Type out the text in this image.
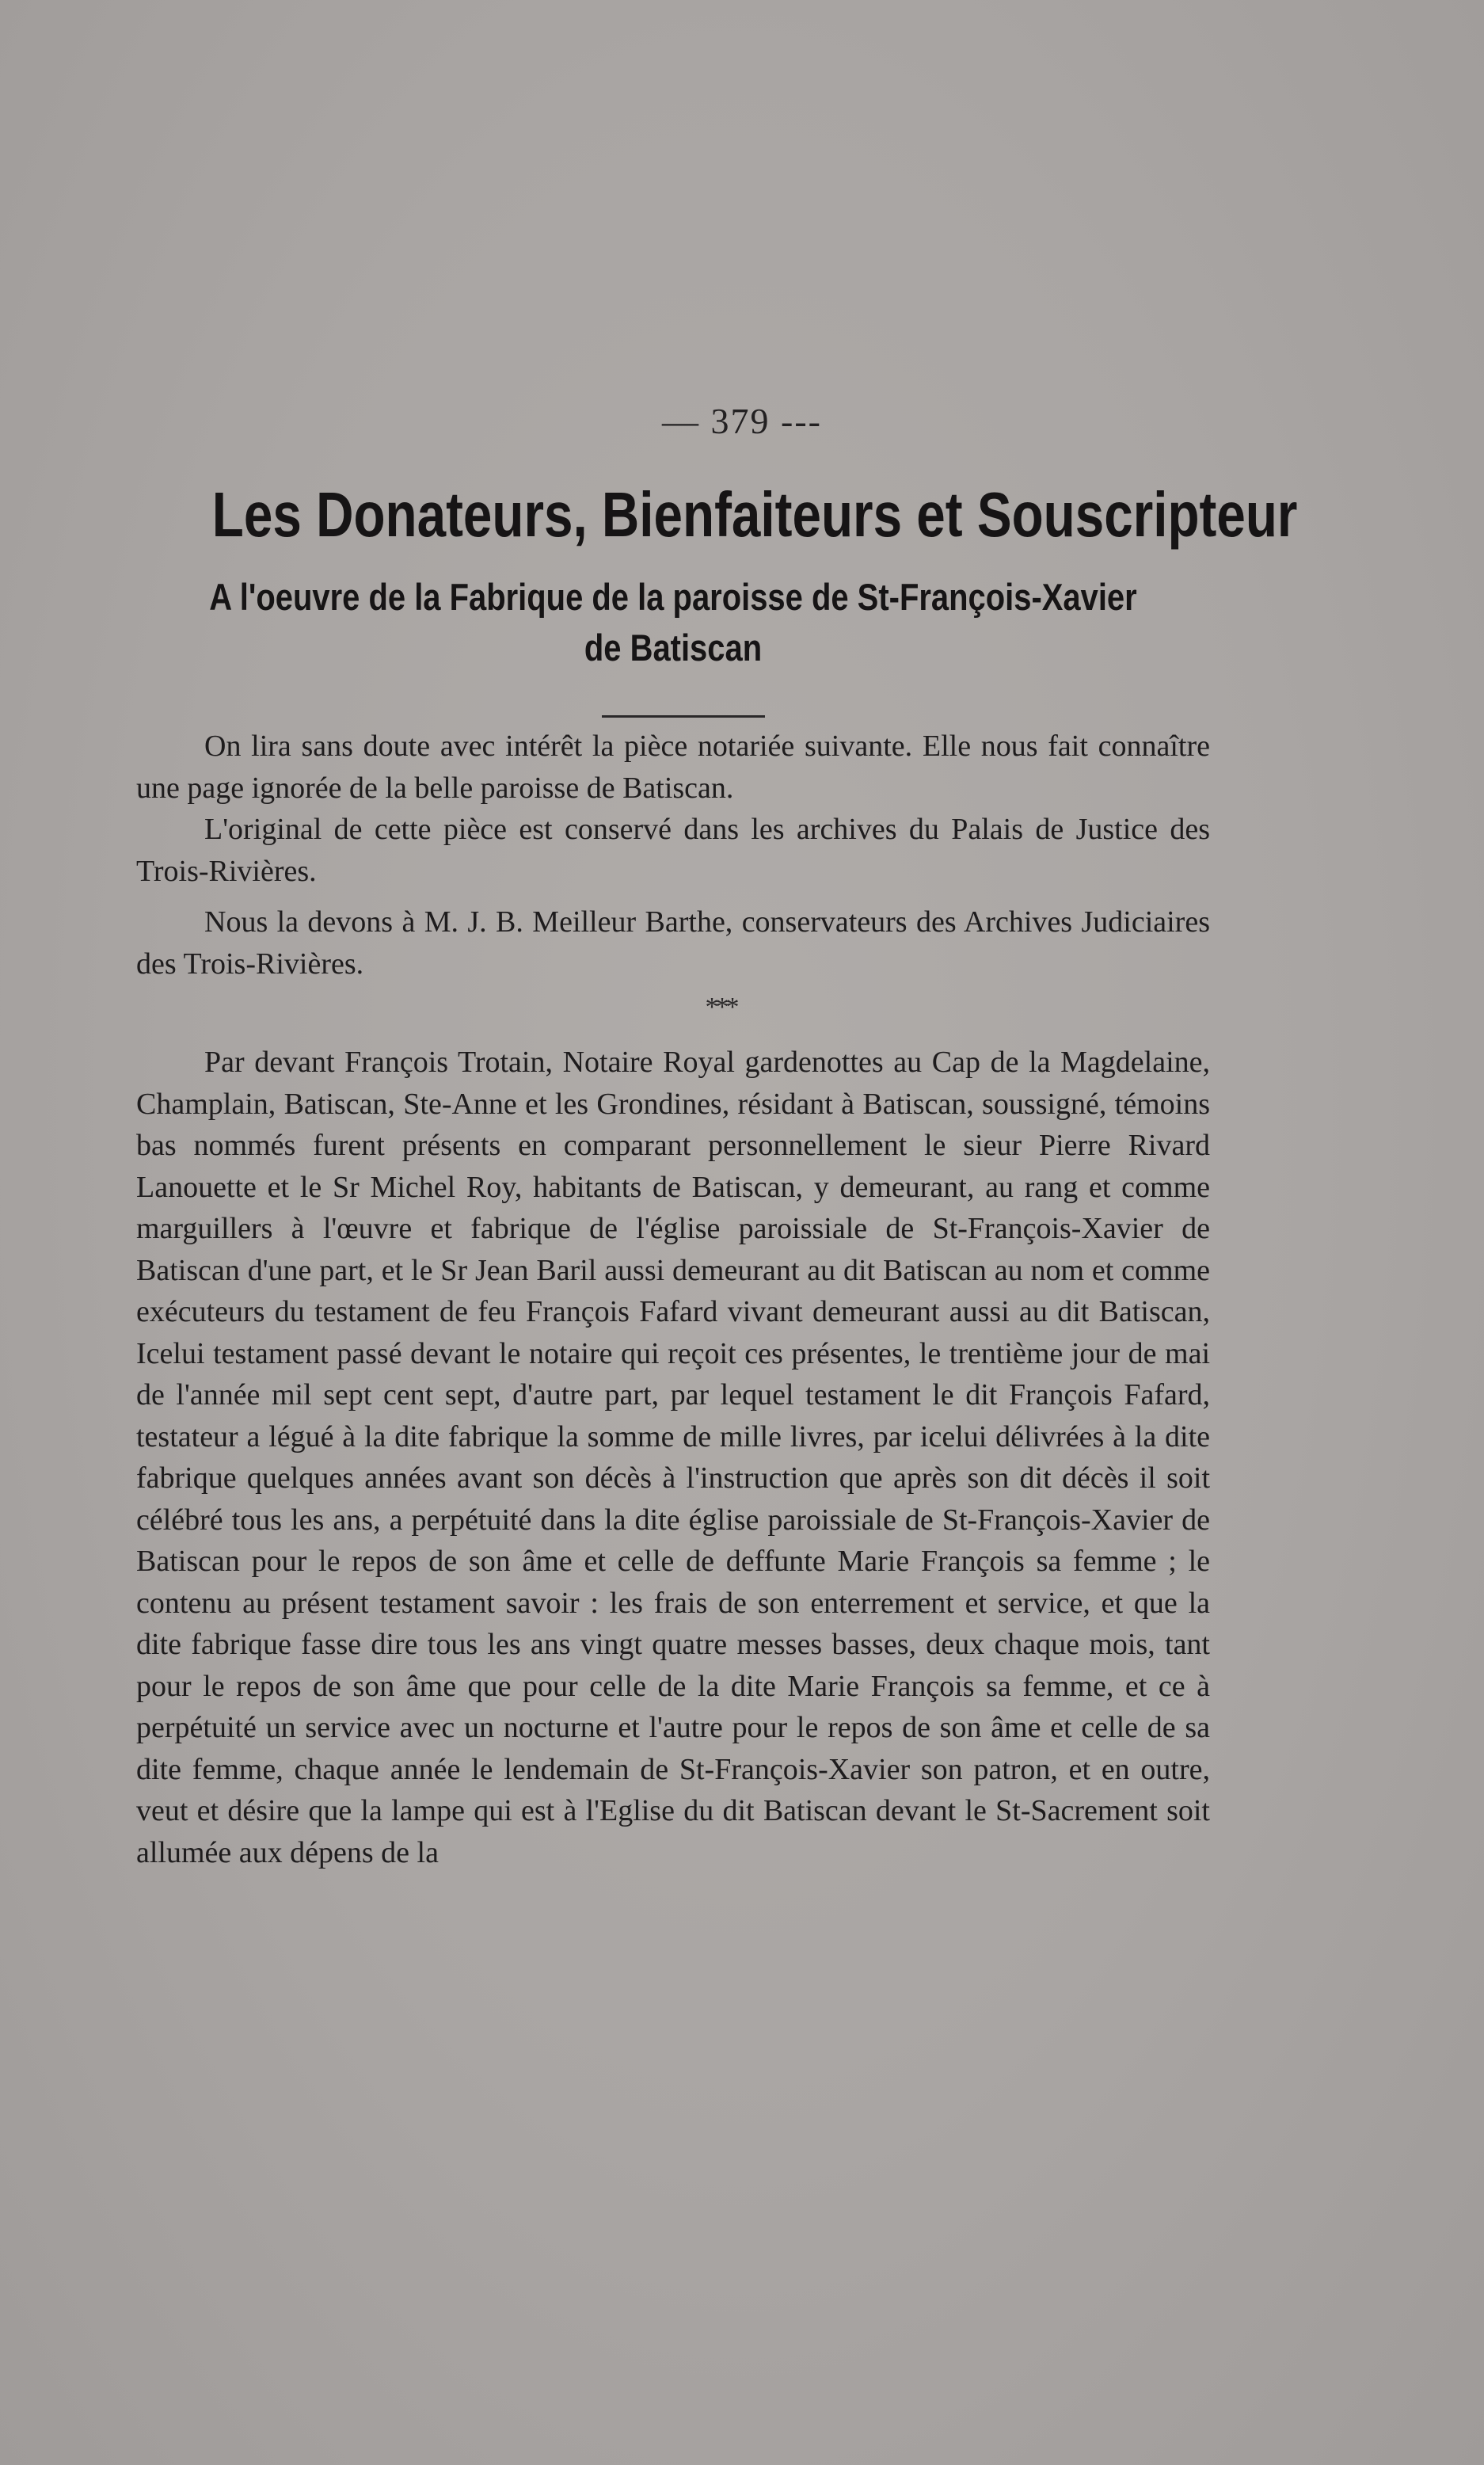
— 379 ---
Les Donateurs, Bienfaiteurs et Souscripteur
A l'oeuvre de la Fabrique de la paroisse de St-François-Xavier de Batiscan

On lira sans doute avec intérêt la pièce notariée suivante. Elle nous fait connaître une page ignorée de la belle paroisse de Batiscan.

L'original de cette pièce est conservé dans les archives du Palais de Justice des Trois-Rivières.

Nous la devons à M. J. B. Meilleur Barthe, conservateurs des Archives Judiciaires des Trois-Rivières.

***

Par devant François Trotain, Notaire Royal gardenottes au Cap de la Magdelaine, Champlain, Batiscan, Ste-Anne et les Grondines, résidant à Batiscan, soussigné, témoins bas nommés furent présents en comparant personnellement le sieur Pierre Rivard Lanouette et le Sr Michel Roy, habitants de Batiscan, y demeurant, au rang et comme marguillers à l'œuvre et fabrique de l'église paroissiale de St-François-Xavier de Batiscan d'une part, et le Sr Jean Baril aussi demeurant au dit Batiscan au nom et comme exécuteurs du testament de feu François Fafard vivant demeurant aussi au dit Batiscan, Icelui testament passé devant le notaire qui reçoit ces présentes, le trentième jour de mai de l'année mil sept cent sept, d'autre part, par lequel testament le dit François Fafard, testateur a légué à la dite fabrique la somme de mille livres, par icelui délivrées à la dite fabrique quelques années avant son décès à l'instruction que après son dit décès il soit célébré tous les ans, a perpétuité dans la dite église paroissiale de St-François-Xavier de Batiscan pour le repos de son âme et celle de deffunte Marie François sa femme ; le contenu au présent testament savoir : les frais de son enterrement et service, et que la dite fabrique fasse dire tous les ans vingt quatre messes basses, deux chaque mois, tant pour le repos de son âme que pour celle de la dite Marie François sa femme, et ce à perpétuité un service avec un nocturne et l'autre pour le repos de son âme et celle de sa dite femme, chaque année le lendemain de St-François-Xavier son patron, et en outre, veut et désire que la lampe qui est à l'Eglise du dit Batiscan devant le St-Sacrement soit allumée aux dépens de la
